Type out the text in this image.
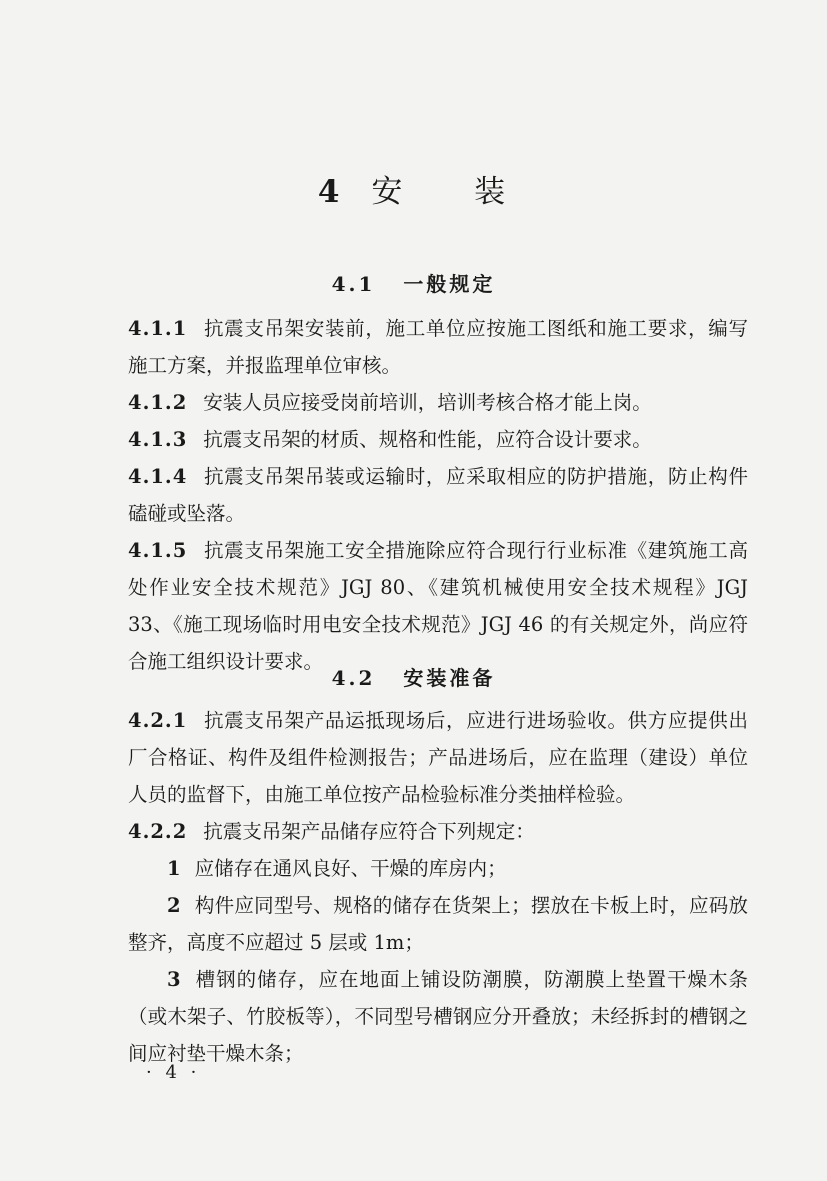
4 安 装
4.1 一般规定

4.1.1 抗震支吊架安装前，施工单位应按施工图纸和施工要求，编写施工方案，并报监理单位审核。

4.1.2 安装人员应接受岗前培训，培训考核合格才能上岗。

4.1.3 抗震支吊架的材质、规格和性能，应符合设计要求。

4.1.4 抗震支吊架吊装或运输时，应采取相应的防护措施，防止构件磕碰或坠落。

4.1.5 抗震支吊架施工安全措施除应符合现行行业标准《建筑施工高处作业安全技术规范》JGJ 80、《建筑机械使用安全技术规程》JGJ 33、《施工现场临时用电安全技术规范》JGJ 46 的有关规定外，尚应符合施工组织设计要求。

4.2 安装准备

4.2.1 抗震支吊架产品运抵现场后，应进行进场验收。供方应提供出厂合格证、构件及组件检测报告；产品进场后，应在监理（建设）单位人员的监督下，由施工单位按产品检验标准分类抽样检验。

4.2.2 抗震支吊架产品储存应符合下列规定：

1 应储存在通风良好、干燥的库房内；

2 构件应同型号、规格的储存在货架上；摆放在卡板上时，应码放整齐，高度不应超过 5 层或 1m；

3 槽钢的储存，应在地面上铺设防潮膜，防潮膜上垫置干燥木条（或木架子、竹胶板等），不同型号槽钢应分开叠放；未经拆封的槽钢之间应衬垫干燥木条；

· 4 ·
